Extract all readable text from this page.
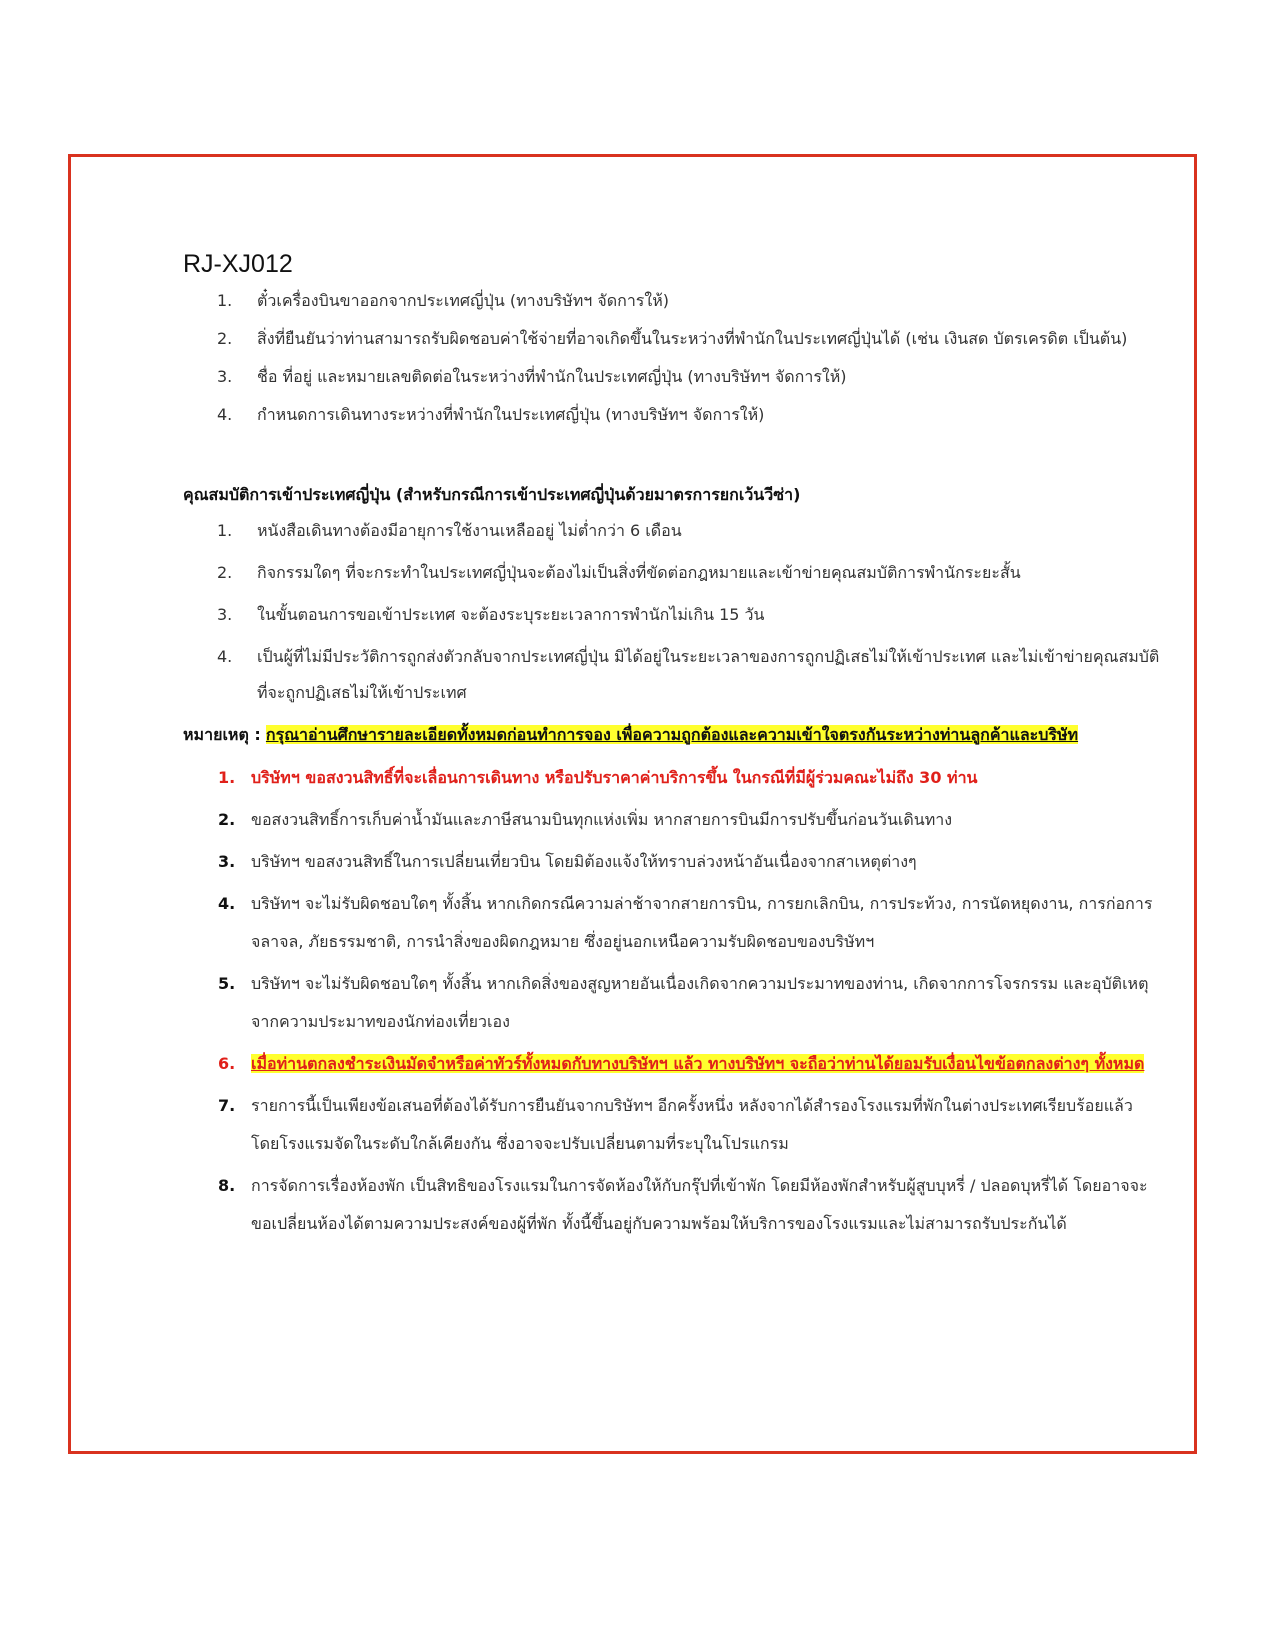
RJ-XJ012
1.	ตั๋วเครื่องบินขาออกจากประเทศญี่ปุ่น (ทางบริษัทฯ จัดการให้)
2.	สิ่งที่ยืนยันว่าท่านสามารถรับผิดชอบค่าใช้จ่ายที่อาจเกิดขึ้นในระหว่างที่พำนักในประเทศญี่ปุ่นได้ (เช่น เงินสด บัตรเครดิต เป็นต้น)
3.	ชื่อ ที่อยู่ และหมายเลขติดต่อในระหว่างที่พำนักในประเทศญี่ปุ่น (ทางบริษัทฯ จัดการให้)
4.	กำหนดการเดินทางระหว่างที่พำนักในประเทศญี่ปุ่น (ทางบริษัทฯ จัดการให้)
คุณสมบัติการเข้าประเทศญี่ปุ่น (สำหรับกรณีการเข้าประเทศญี่ปุ่นด้วยมาตรการยกเว้นวีซ่า)
1.	หนังสือเดินทางต้องมีอายุการใช้งานเหลืออยู่ ไม่ต่ำกว่า 6 เดือน
2.	กิจกรรมใดๆ ที่จะกระทำในประเทศญี่ปุ่นจะต้องไม่เป็นสิ่งที่ขัดต่อกฎหมายและเข้าข่ายคุณสมบัติการพำนักระยะสั้น
3.	ในขั้นตอนการขอเข้าประเทศ จะต้องระบุระยะเวลาการพำนักไม่เกิน 15 วัน
4.	เป็นผู้ที่ไม่มีประวัติการถูกส่งตัวกลับจากประเทศญี่ปุ่น มิได้อยู่ในระยะเวลาของการถูกปฏิเสธไม่ให้เข้าประเทศ และไม่เข้าข่ายคุณสมบัติที่จะถูกปฏิเสธไม่ให้เข้าประเทศ
หมายเหตุ : กรุณาอ่านศึกษารายละเอียดทั้งหมดก่อนทำการจอง เพื่อความถูกต้องและความเข้าใจตรงกันระหว่างท่านลูกค้าและบริษัท
1. บริษัทฯ ขอสงวนสิทธิ์ที่จะเลื่อนการเดินทาง หรือปรับราคาค่าบริการขึ้น ในกรณีที่มีผู้ร่วมคณะไม่ถึง 30 ท่าน
2. ขอสงวนสิทธิ์การเก็บค่าน้ำมันและภาษีสนามบินทุกแห่งเพิ่ม หากสายการบินมีการปรับขึ้นก่อนวันเดินทาง
3. บริษัทฯ ขอสงวนสิทธิ์ในการเปลี่ยนเที่ยวบิน โดยมิต้องแจ้งให้ทราบล่วงหน้าอันเนื่องจากสาเหตุต่างๆ
4. บริษัทฯ จะไม่รับผิดชอบใดๆ ทั้งสิ้น หากเกิดกรณีความล่าช้าจากสายการบิน, การยกเลิกบิน, การประท้วง, การนัดหยุดงาน, การก่อการจลาจล, ภัยธรรมชาติ, การนำสิ่งของผิดกฎหมาย ซึ่งอยู่นอกเหนือความรับผิดชอบของบริษัทฯ
5. บริษัทฯ จะไม่รับผิดชอบใดๆ ทั้งสิ้น หากเกิดสิ่งของสูญหายอันเนื่องเกิดจากความประมาทของท่าน, เกิดจากการโจรกรรม และอุบัติเหตุจากความประมาทของนักท่องเที่ยวเอง
6. เมื่อท่านตกลงชำระเงินมัดจำหรือค่าทัวร์ทั้งหมดกับทางบริษัทฯ แล้ว ทางบริษัทฯ จะถือว่าท่านได้ยอมรับเงื่อนไขข้อตกลงต่างๆ ทั้งหมด
7. รายการนี้เป็นเพียงข้อเสนอที่ต้องได้รับการยืนยันจากบริษัทฯ อีกครั้งหนึ่ง หลังจากได้สำรองโรงแรมที่พักในต่างประเทศเรียบร้อยแล้ว โดยโรงแรมจัดในระดับใกล้เคียงกัน ซึ่งอาจจะปรับเปลี่ยนตามที่ระบุในโปรแกรม
8. การจัดการเรื่องห้องพัก เป็นสิทธิของโรงแรมในการจัดห้องให้กับกรุ๊ปที่เข้าพัก โดยมีห้องพักสำหรับผู้สูบบุหรี่ / ปลอดบุหรี่ได้ โดยอาจจะขอเปลี่ยนห้องได้ตามความประสงค์ของผู้ที่พัก ทั้งนี้ขึ้นอยู่กับความพร้อมให้บริการของโรงแรมและไม่สามารถรับประกันได้
